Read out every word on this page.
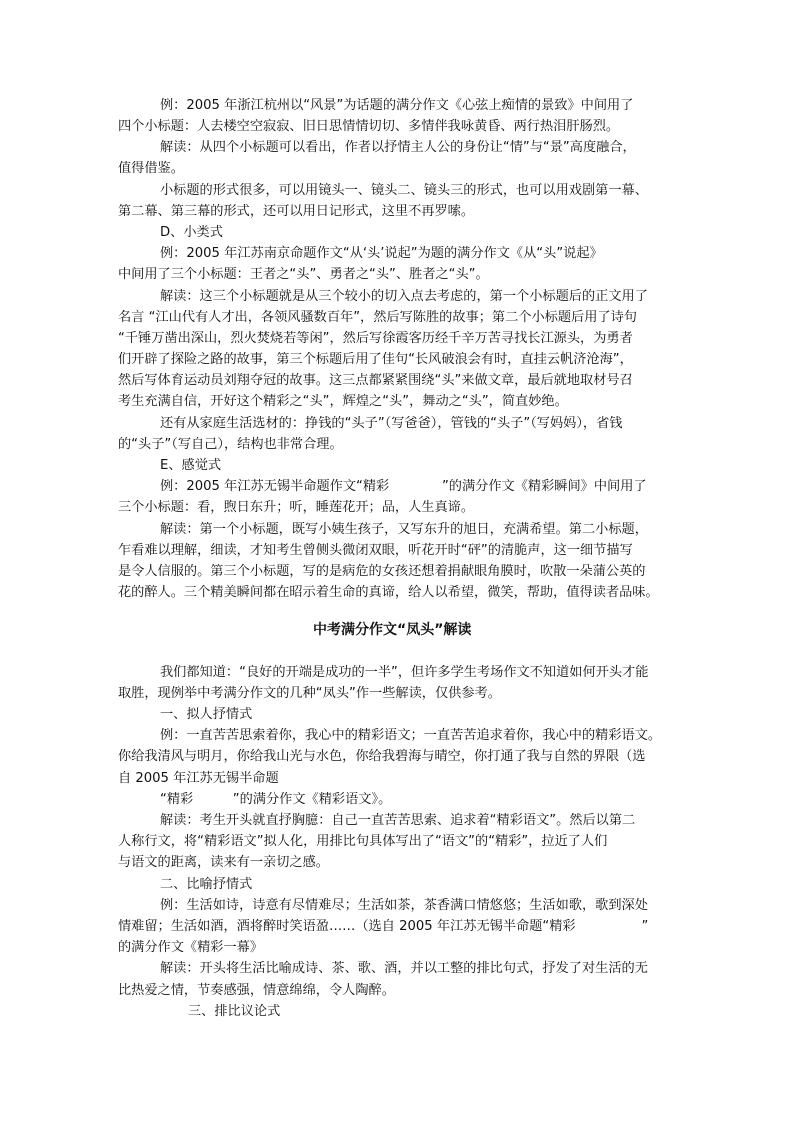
例：2005 年浙江杭州以“风景”为话题的满分作文《心弦上痴情的景致》中间用了
四个小标题：人去楼空空寂寂、旧日思情情切切、多情伴我咏黄昏、两行热泪肝肠烈。
解读：从四个小标题可以看出，作者以抒情主人公的身份让“情”与“景”高度融合，
值得借鉴。
小标题的形式很多，可以用镜头一、镜头二、镜头三的形式，也可以用戏剧第一幕、
第二幕、第三幕的形式，还可以用日记形式，这里不再罗嗦。
D、小类式
例：2005 年江苏南京命题作文“从‘头’说起”为题的满分作文《从“头”说起》
中间用了三个小标题：王者之“头”、勇者之“头”、胜者之“头”。
解读：这三个小标题就是从三个较小的切入点去考虑的，第一个小标题后的正文用了
名言 “江山代有人才出，各领风骚数百年”，然后写陈胜的故事；第二个小标题后用了诗句
“千锤万凿出深山，烈火焚烧若等闲”，然后写徐霞客历经千辛万苦寻找长江源头，为勇者
们开辟了探险之路的故事，第三个标题后用了佳句“长风破浪会有时，直挂云帆济沧海”，
然后写体育运动员刘翔夺冠的故事。这三点都紧紧围绕“头”来做文章，最后就地取材号召
考生充满自信，开好这个精彩之“头”，辉煌之“头”，舞动之“头”，简直妙绝。
还有从家庭生活选材的：挣钱的“头子”（写爸爸），管钱的“头子”（写妈妈），省钱
的“头子”（写自己），结构也非常合理。
E、感觉式
例：2005 年江苏无锡半命题作文“精彩　　　　”的满分作文《精彩瞬间》中间用了
三个小标题：看，煦日东升；听，睡莲花开；品，人生真谛。
解读：第一个小标题，既写小姨生孩子，又写东升的旭日，充满希望。第二小标题，
乍看难以理解，细读，才知考生曾侧头微闭双眼，听花开时“砰”的清脆声，这一细节描写
是令人信服的。第三个小标题，写的是病危的女孩还想着捐献眼角膜时，吹散一朵蒲公英的
花的醉人。三个精美瞬间都在昭示着生命的真谛，给人以希望，微笑，帮助，值得读者品味。
中考满分作文“凤头”解读
我们都知道：“良好的开端是成功的一半”，但许多学生考场作文不知道如何开头才能
取胜，现例举中考满分作文的几种“凤头”作一些解读，仅供参考。
一、拟人抒情式
例：一直苦苦思索着你，我心中的精彩语文；一直苦苦追求着你，我心中的精彩语文。
你给我清风与明月，你给我山光与水色，你给我碧海与晴空，你打通了我与自然的界限（选
自 2005 年江苏无锡半命题
“精彩　　　”的满分作文《精彩语文》。
解读：考生开头就直抒胸臆：自己一直苦苦思索、追求着“精彩语文”。然后以第二
人称行文，将“精彩语文”拟人化，用排比句具体写出了“语文”的“精彩”，拉近了人们
与语文的距离，读来有一亲切之感。
二、比喻抒情式
例：生活如诗，诗意有尽情难尽；生活如茶，茶香满口情悠悠；生活如歌，歌到深处
情难留；生活如酒，酒将醉时笑语盈……（选自 2005 年江苏无锡半命题“精彩　　　　　”
的满分作文《精彩一幕》
解读：开头将生活比喻成诗、茶、歌、酒，并以工整的排比句式，抒发了对生活的无
比热爱之情，节奏感强，情意绵绵，令人陶醉。
三、排比议论式
